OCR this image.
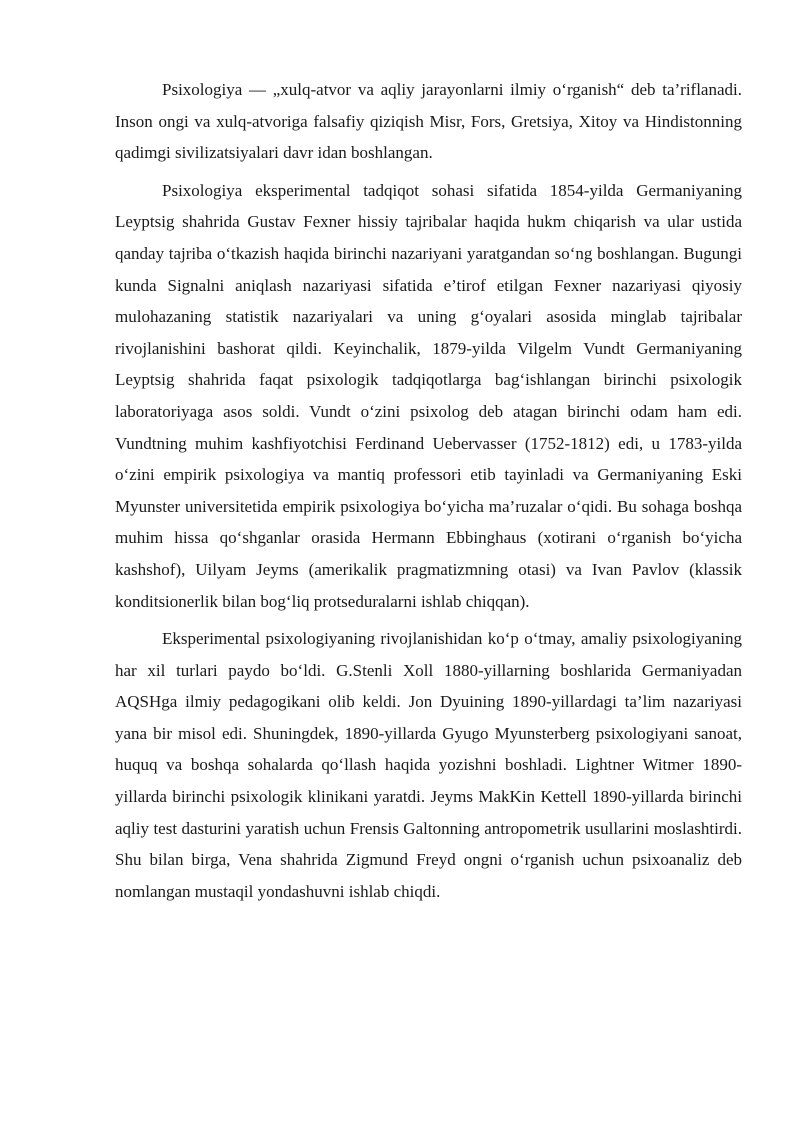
Psixologiya — „xulq-atvor va aqliy jarayonlarni ilmiy o‘rganish“ deb ta’riflanadi. Inson ongi va xulq-atvoriga falsafiy qiziqish Misr, Fors, Gretsiya, Xitoy va Hindistonning qadimgi sivilizatsiyalari davr idan boshlangan.

Psixologiya eksperimental tadqiqot sohasi sifatida 1854-yilda Germaniyaning Leyptsig shahrida Gustav Fexner hissiy tajribalar haqida hukm chiqarish va ular ustida qanday tajriba o‘tkazish haqida birinchi nazariyani yaratgandan so‘ng boshlangan. Bugungi kunda Signalni aniqlash nazariyasi sifatida e’tirof etilgan Fexner nazariyasi qiyosiy mulohazaning statistik nazariyalari va uning g‘oyalari asosida minglab tajribalar rivojlanishini bashorat qildi. Keyinchalik, 1879-yilda Vilgelm Vundt Germaniyaning Leyptsig shahrida faqat psixologik tadqiqotlarga bag‘ishlangan birinchi psixologik laboratoriyaga asos soldi. Vundt o‘zini psixolog deb atagan birinchi odam ham edi. Vundtning muhim kashfiyotchisi Ferdinand Uebervasser (1752-1812) edi, u 1783-yilda o‘zini empirik psixologiya va mantiq professori etib tayinladi va Germaniyaning Eski Myunster universitetida empirik psixologiya bo‘yicha ma’ruzalar o‘qidi. Bu sohaga boshqa muhim hissa qo‘shganlar orasida Hermann Ebbinghaus (xotirani o‘rganish bo‘yicha kashshof), Uilyam Jeyms (amerikalik pragmatizmning otasi) va Ivan Pavlov (klassik konditsionerlik bilan bog‘liq protseduralarni ishlab chiqqan).

Eksperimental psixologiyaning rivojlanishidan ko‘p o‘tmay, amaliy psixologiyaning har xil turlari paydo bo‘ldi. G.Stenli Xoll 1880-yillarning boshlarida Germaniyadan AQSHga ilmiy pedagogikani olib keldi. Jon Dyuining 1890-yillardagi ta’lim nazariyasi yana bir misol edi. Shuningdek, 1890-yillarda Gyugo Myunsterberg psixologiyani sanoat, huquq va boshqa sohalarda qo‘llash haqida yozishni boshladi. Lightner Witmer 1890-yillarda birinchi psixologik klinikani yaratdi. Jeyms MakKin Kettell 1890-yillarda birinchi aqliy test dasturini yaratish uchun Frensis Galtonning antropometrik usullarini moslashtirdi. Shu bilan birga, Vena shahrida Zigmund Freyd ongni o‘rganish uchun psixoanaliz deb nomlangan mustaqil yondashuvni ishlab chiqdi.
